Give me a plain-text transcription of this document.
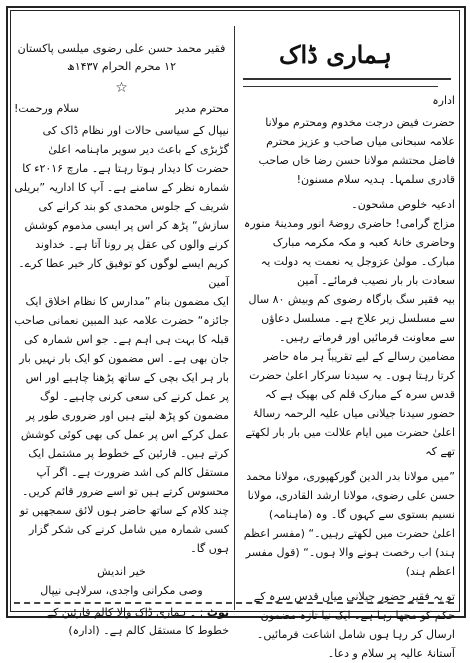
ہماری ڈاک
ادارہ

حضرت فیض درجت مخدوم ومحترم مولانا علامہ سبحانی میاں صاحب و عزیز محترم فاضل محتشم مولانا حسن رضا خاں صاحب قادری سلمہا۔ ہدیہ سلام مسنون!

ادعیہ خلوص مشحون۔

مزاج گرامی! حاضری روضۂ انور ومدینۂ منورہ وحاضری خانۂ کعبہ و مکہ مکرمہ مبارک مبارک۔ مولیٰ عزوجل یہ نعمت یہ دولت یہ سعادت بار بار نصیب فرمائے۔ آمین

بیہ فقیر سگ بارگاہ رضوی کم وبیش ۸۰ سال سے مسلسل زیر علاج ہے۔ مسلسل دعاؤں سے معاونت فرمائیں اور فرماتے رہیں۔ مضامین رسالے کے لیے تقریباً ہر ماہ حاضر کرتا رہتا ہوں۔ یہ سیدنا سرکار اعلیٰ حضرت قدس سرہ کے مبارک قلم کی بھیک ہے کہ حضور سیدنا جیلانی میاں علیہ الرحمہ رسالۂ اعلیٰ حضرت میں ایام علالت میں بار بار لکھتے تھے کہ

”میں مولانا بدر الدین گورکھپوری، مولانا محمد حسن علی رضوی، مولانا ارشد القادری، مولانا نسیم بستوی سے کہوں گا۔ وہ (ماہنامہ) اعلیٰ حضرت میں لکھتے رہیں۔“ (مفسر اعظم ہند) اب رخصت ہونے والا ہوں۔“ (قول مفسر اعظم ہند)

تو یہ فقیر حضور جیلانی میاں قدس سرہ کے حکم کو مجھا رہا ہے۔ ایک نیا تازہ مضمون ارسال کر رہا ہوں شامل اشاعت فرمائیں۔ آستانۂ عالیہ پر سلام و دعا۔

فقیر محمد حسن علی رضوی میلسی پاکستان
۱۲ محرم الحرام ۱۴۳۷ھ
☆
محترم مدیر
سلام ورحمت!

نیپال کے سیاسی حالات اور نظام ڈاک کی گڑبڑی کے باعث دیر سویر ماہنامہ اعلیٰ حضرت کا دیدار ہوتا رہتا ہے۔ مارچ ۲۰۱۶ء کا شمارہ نظر کے سامنے ہے۔ آپ کا اداریہ ”بریلی شریف کے جلوس محمدی کو بند کرانے کی سازش“ پڑھ کر اس پر ایسی مذموم کوشش کرنے والوں کی عقل پر رونا آتا ہے۔ خداوند کریم ایسے لوگوں کو توفیق کار خیر عطا کرے۔ آمین

ایک مضمون بنام ”مدارس کا نظام اخلاق ایک جائزہ“ حضرت علامہ عبد المبین نعمانی صاحب قبلہ کا بہت ہی اہم ہے۔ جو اس شمارہ کی جان بھی ہے۔ اس مضمون کو ایک بار نہیں بار بار ہر ایک بچی کے ساتھ پڑھنا چاہیے اور اس پر عمل کرنے کی سعی کرنی چاہیے۔ لوگ مضمون کو پڑھ لیتے ہیں اور ضروری طور پر عمل کرکے اس پر عمل کی بھی کوئی کوشش کرتے ہیں۔ قارئین کے خطوط پر مشتمل ایک مستقل کالم کی اشد ضرورت ہے۔ اگر آپ محسوس کرتے ہیں تو اسے ضرور قائم کریں۔ چند کلام کے ساتھ حاضر ہوں لائق سمجھیں تو کسی شمارہ میں شامل کرنے کی شکر گزار ہوں گا۔

خیر اندیش
وصی مکرانی واجدی، سرلاہی نیپال
نوٹ : ۔ ہماری ڈاک والا کالم قارئین کے خطوط کا مستقل کالم ہے۔ (ادارہ)
